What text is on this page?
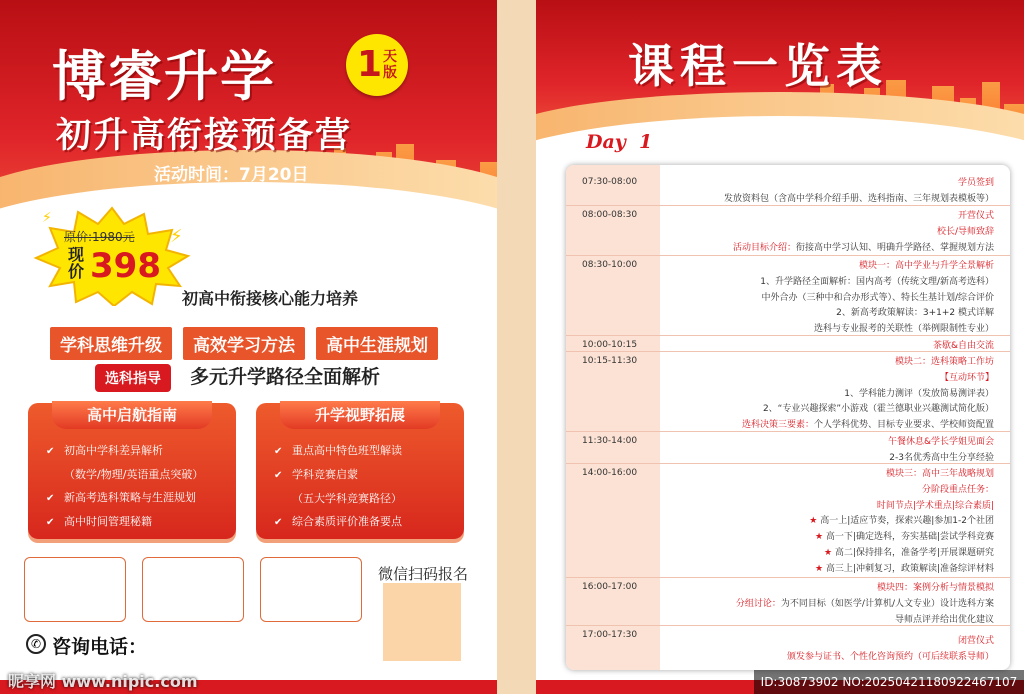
博睿升学 1 天
版
初升高衔接预备营
活动时间：7月20日
原价:1980元
现
价 398
⚡
⚡
初高中衔接核心能力培养
学科思维升级	高效学习方法	高中生涯规划
选科指导	多元升学路径全面解析
高中启航指南
✔ 初高中学科差异解析
（数学/物理/英语重点突破）
✔ 新高考选科策略与生涯规划
✔ 高中时间管理秘籍
升学视野拓展
✔ 重点高中特色班型解读
✔ 学科竞赛启蒙
（五大学科竞赛路径）
✔ 综合素质评价准备要点
微信扫码报名
✆ 咨询电话：
昵享网 www.nipic.com
课程一览表
Day  1
07:30-08:00	学员签到
发放资料包（含高中学科介绍手册、选科指南、三年规划表模板等）
08:00-08:30	开营仪式
校长/导师致辞
活动目标介绍：衔接高中学习认知、明确升学路径、掌握规划方法
08:30-10:00	模块一：高中学业与升学全景解析
1、升学路径全面解析：国内高考（传统文理/新高考选科）
中外合办（三种中和合办形式等）、特长生基计划/综合评价
2、新高考政策解读：3+1+2 模式详解
选科与专业报考的关联性（举例限制性专业）
10:00-10:15	茶歇&自由交流
10:15-11:30	模块二：选科策略工作坊
【互动环节】
1、学科能力测评（发放简易测评表）
2、“专业兴趣探索”小游戏（霍兰德职业兴趣测试简化版）
选科决策三要素：个人学科优势、目标专业要求、学校师资配置
11:30-14:00	午餐休息&学长学姐见面会
2-3名优秀高中生分享经验
14:00-16:00	模块三：高中三年战略规划
分阶段重点任务：
时间节点|学术重点|综合素质|
★ 高一上|适应节奏，探索兴趣|参加1-2个社团
★ 高一下|确定选科，夯实基础|尝试学科竞赛
★ 高二|保持排名，准备学考|开展课题研究
★ 高三上|冲刺复习，政策解读|准备综评材料
16:00-17:00	模块四：案例分析与情景模拟
分组讨论：为不同目标（如医学/计算机/人文专业）设计选科方案
导师点评并给出优化建议
17:00-17:30
闭营仪式
颁发参与证书、个性化咨询预约（可后续联系导师）
ID:30873902 NO:20250421180922467107
